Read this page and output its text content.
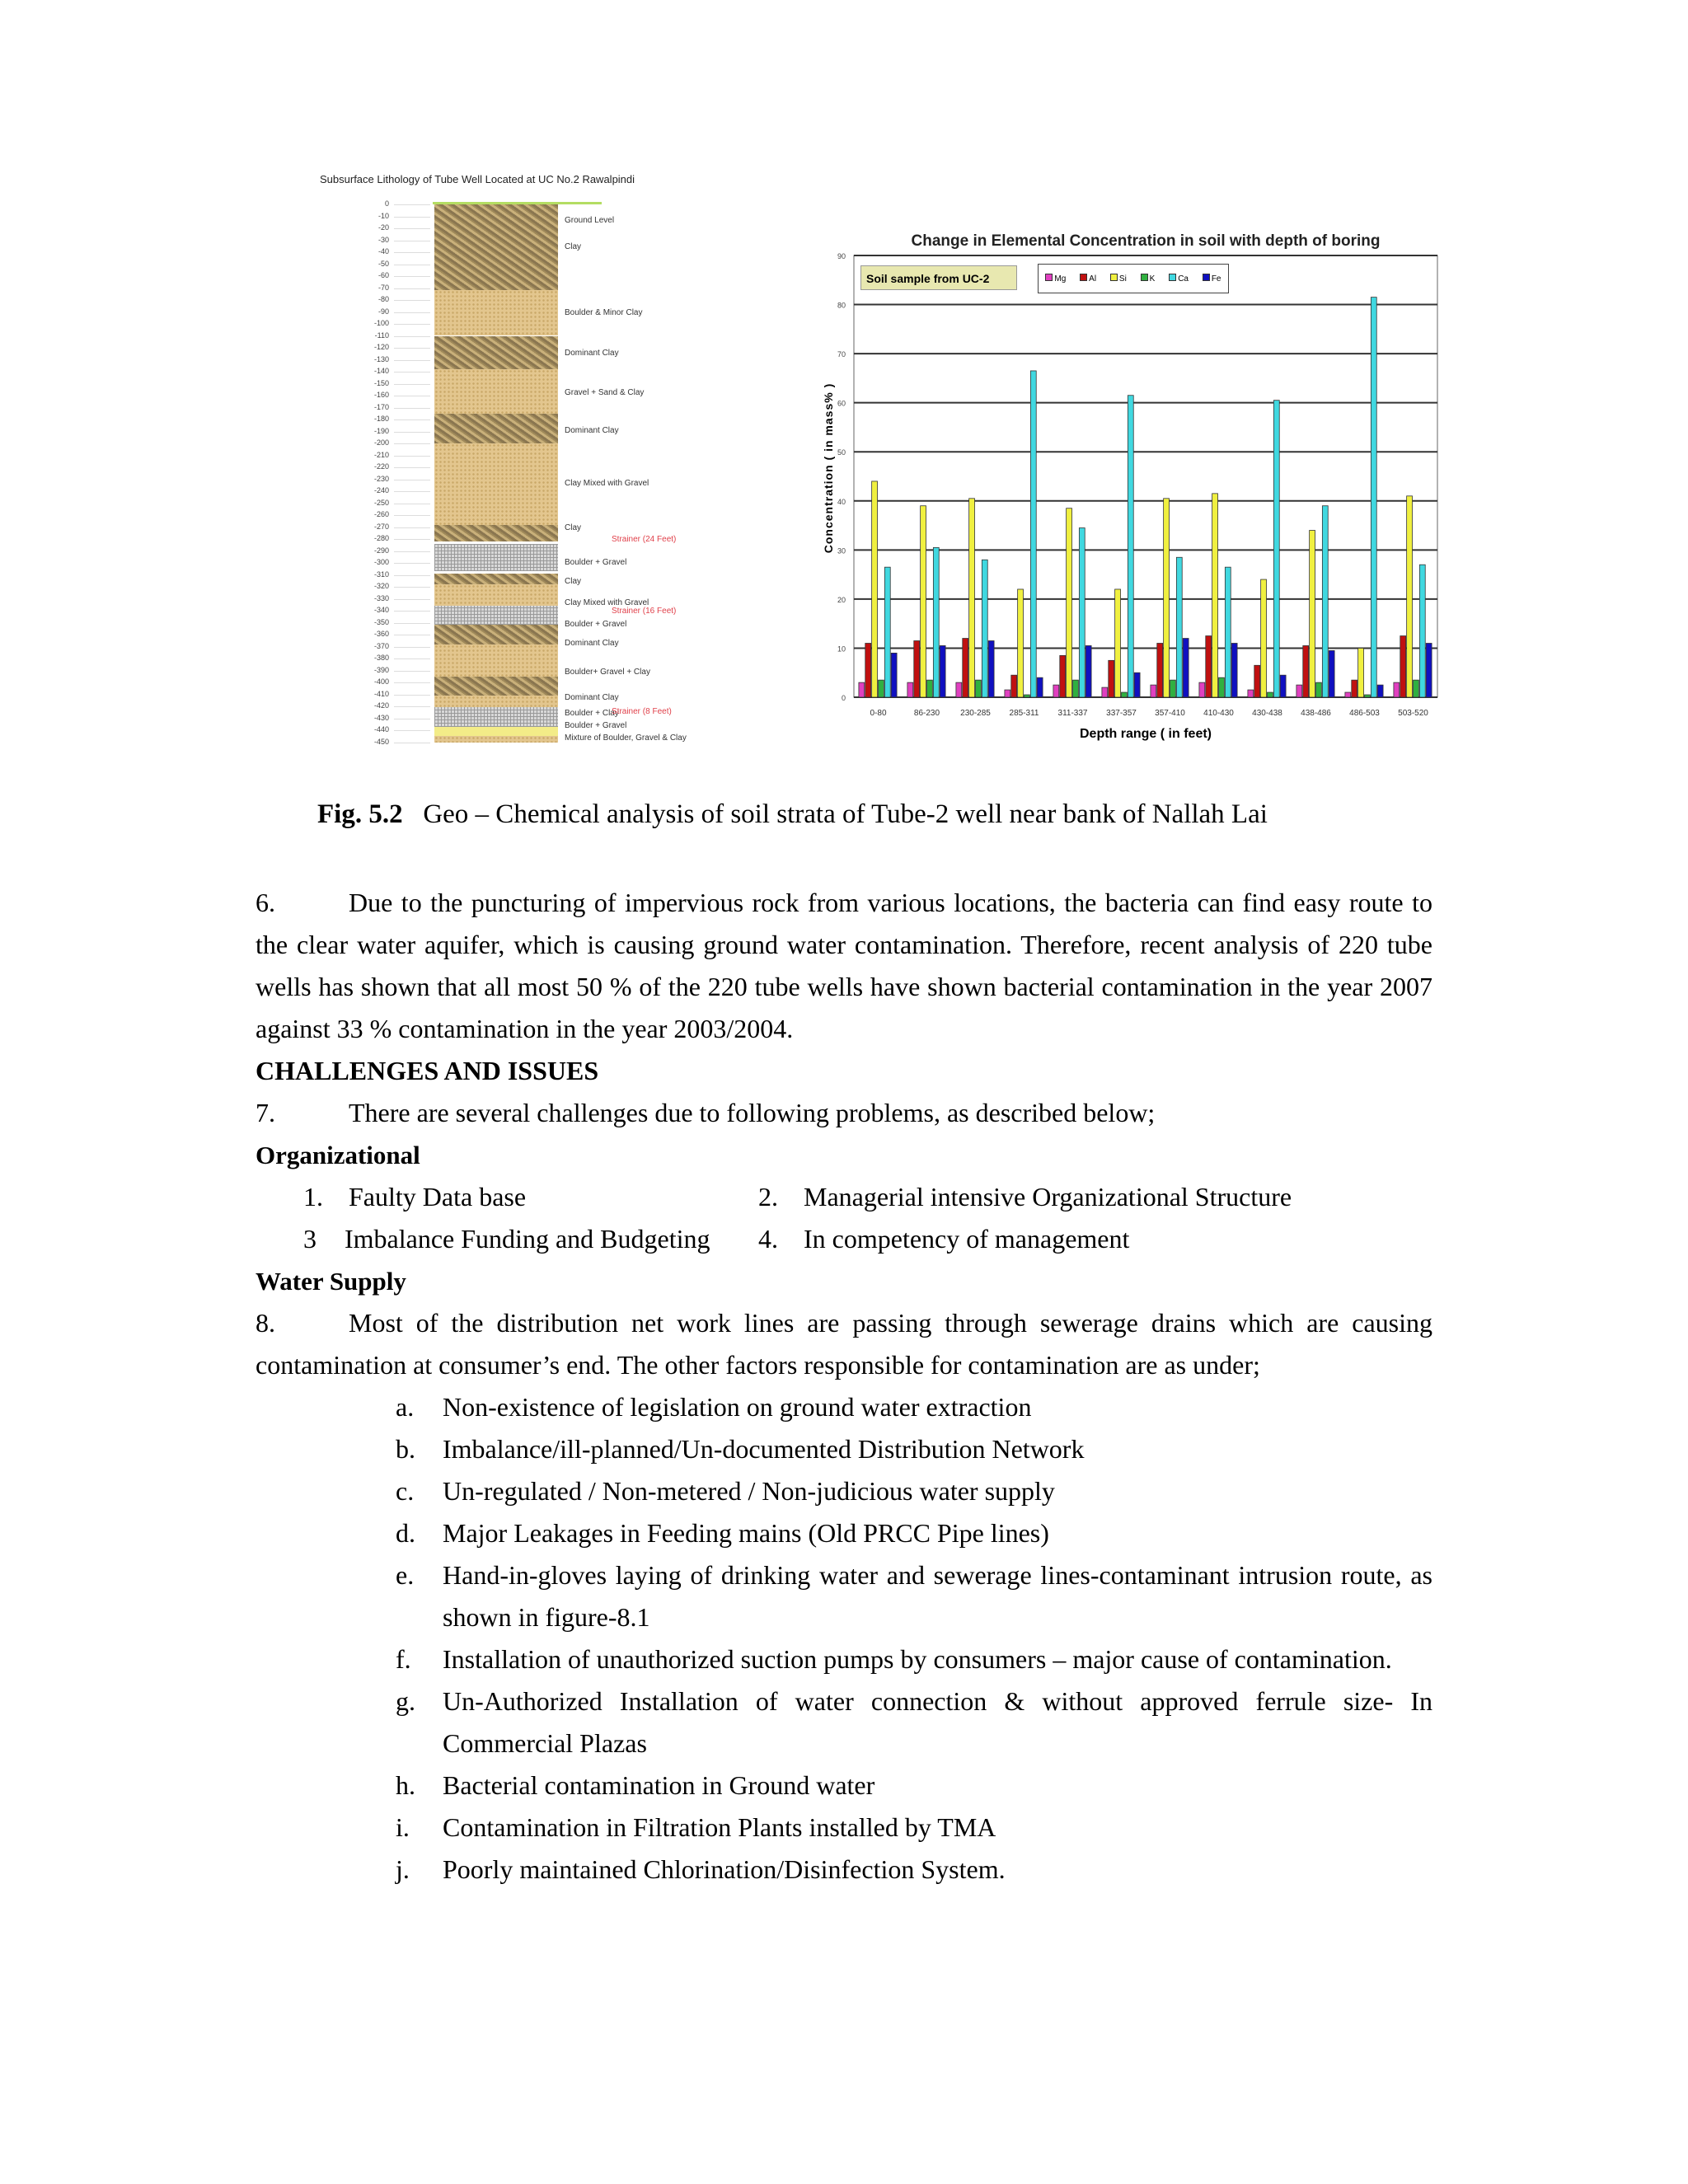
Subsurface Lithology of Tube Well Located at UC No.2 Rawalpindi
0
-10
-20
-30
-40
-50
-60
-70
-80
-90
-100
-110
-120
-130
-140
-150
-160
-170
-180
-190
-200
-210
-220
-230
-240
-250
-260
-270
-280
-290
-300
-310
-320
-330
-340
-350
-360
-370
-380
-390
-400
-410
-420
-430
-440
-450
Ground Level
Clay
Boulder & Minor Clay
Dominant Clay
Gravel + Sand & Clay
Dominant Clay
Clay Mixed with Gravel
Clay
Boulder + Gravel
Clay
Clay Mixed with Gravel
Boulder + Gravel
Dominant Clay
Boulder+ Gravel + Clay
Dominant Clay
Boulder + Clay
Boulder + Gravel
Mixture of Boulder, Gravel & Clay
Strainer (24 Feet)
Strainer (16 Feet)
Strainer (8 Feet)
Change in Elemental Concentration in soil with depth of boring
0
10
20
30
40
50
60
70
80
90
0-80	86-230	230-285 285-311 311-337 337-357 357-410 410-430 430-438 438-486 486-503 503-520
Soil sample from UC-2	Mg	Al	Si	K	Ca	Fe
Concentration ( in mass% )
Depth range ( in feet)
Fig. 5.2 Geo – Chemical analysis of soil strata of Tube-2 well near bank of Nallah Lai
6.	Due to the puncturing of impervious rock from various locations, the bacteria can find easy route to the clear water aquifer, which is causing ground water contamination. Therefore, recent analysis of 220 tube wells has shown that all most 50 % of the 220 tube wells have shown bacterial contamination in the year 2007 against 33 % contamination in the year 2003/2004.
CHALLENGES AND ISSUES
7.	There are several challenges due to following problems, as described below;
Organizational
1. Faulty Data base	2. Managerial intensive Organizational Structure
3	Imbalance Funding and Budgeting	4. In competency of management
Water Supply
8.	Most of the distribution net work lines are passing through sewerage drains which are causing contamination at consumer’s end. The other factors responsible for contamination are as under;
a.	Non-existence of legislation on ground water extraction
b.	Imbalance/ill-planned/Un-documented Distribution Network
c.	Un-regulated / Non-metered / Non-judicious water supply
d.	Major Leakages in Feeding mains (Old PRCC Pipe lines)
e.	Hand-in-gloves laying of drinking water and sewerage lines-contaminant intrusion route, as shown in figure-8.1
f.	Installation of unauthorized suction pumps by consumers – major cause of contamination.
g.	Un-Authorized Installation of water connection & without approved ferrule size- In Commercial Plazas
h.	Bacterial contamination in Ground water
i.	Contamination in Filtration Plants installed by TMA
j.	Poorly maintained Chlorination/Disinfection System.
